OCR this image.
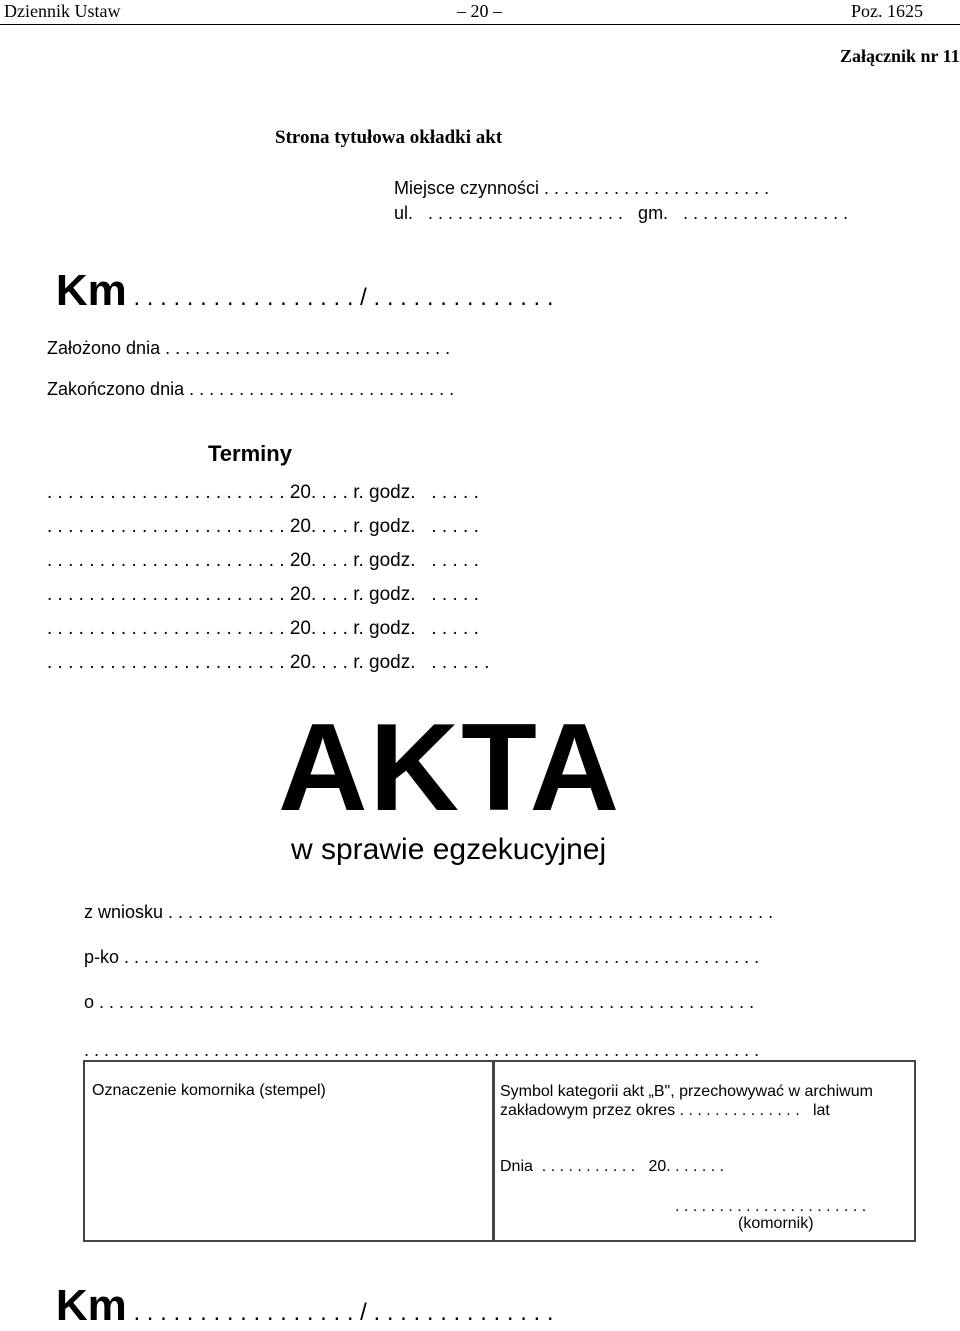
Dziennik Ustaw	– 20 –	Poz. 1625
Załącznik nr 11
Strona tytułowa okładki akt
Miejsce czynności . . . . . . . . . . . . . . . . . . . . . . .
ul.   . . . . . . . . . . . . . . . . . . . .   gm.   . . . . . . . . . . . . . . . . .

Km . . . . . . . . . . . . . . . . . / . . . . . . . . . . . . . .

Założono dnia . . . . . . . . . . . . . . . . . . . . . . . . . . . . .
Zakończono dnia . . . . . . . . . . . . . . . . . . . . . . . . . . .
Terminy
. . . . . . . . . . . . . . . . . . . . . . . 20. . . . r. godz.   . . . . .
. . . . . . . . . . . . . . . . . . . . . . . 20. . . . r. godz.   . . . . .
. . . . . . . . . . . . . . . . . . . . . . . 20. . . . r. godz.   . . . . .
. . . . . . . . . . . . . . . . . . . . . . . 20. . . . r. godz.   . . . . .
. . . . . . . . . . . . . . . . . . . . . . . 20. . . . r. godz.   . . . . .
. . . . . . . . . . . . . . . . . . . . . . . 20. . . . r. godz.   . . . . . .
AKTA
w sprawie egzekucyjnej
z wniosku . . . . . . . . . . . . . . . . . . . . . . . . . . . . . . . . . . . . . . . . . . . . . . . . . . . . . . . . . . . . .
p-ko . . . . . . . . . . . . . . . . . . . . . . . . . . . . . . . . . . . . . . . . . . . . . . . . . . . . . . . . . . . . . . . .
o . . . . . . . . . . . . . . . . . . . . . . . . . . . . . . . . . . . . . . . . . . . . . . . . . . . . . . . . . . . . . . . . . .
. . . . . . . . . . . . . . . . . . . . . . . . . . . . . . . . . . . . . . . . . . . . . . . . . . . . . . . . . . . . . . . . . . . .
Oznaczenie komornika (stempel)	Symbol kategorii akt „B", przechowywać w archiwum
zakładowym przez okres . . . . . . . . . . . . . .   lat
Dnia  . . . . . . . . . . .   20. . . . . . .
. . . . . . . . . . . . . . . . . . . . . .
(komornik)

Km . . . . . . . . . . . . . . . . . / . . . . . . . . . . . . . .
